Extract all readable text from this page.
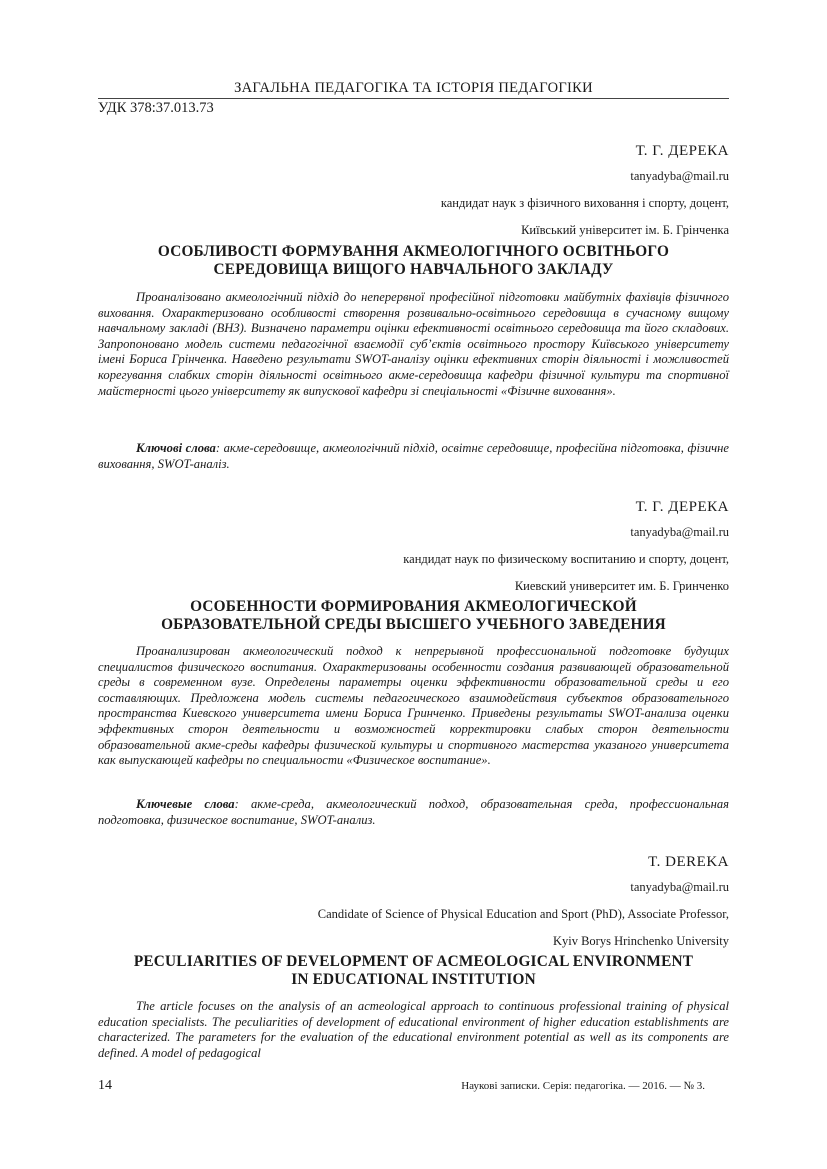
ЗАГАЛЬНА ПЕДАГОГІКА ТА ІСТОРІЯ ПЕДАГОГІКИ
УДК 378:37.013.73
Т. Г. ДЕРЕКА
tanyadyba@mail.ru
кандидат наук з фізичного виховання і спорту, доцент,
Київський університет ім. Б. Грінченка
ОСОБЛИВОСТІ ФОРМУВАННЯ АКМЕОЛОГІЧНОГО ОСВІТНЬОГО
СЕРЕДОВИЩА ВИЩОГО НАВЧАЛЬНОГО ЗАКЛАДУ

Проаналізовано акмеологічний підхід до неперервної професійної підготовки майбутніх фахівців фізичного виховання. Охарактеризовано особливості створення розвивально-освітнього середовища в сучасному вищому навчальному закладі (ВНЗ). Визначено параметри оцінки ефективності освітнього середовища та його складових. Запропоновано модель системи педагогічної взаємодії суб’єктів освітнього простору Київського університету імені Бориса Грінченка. Наведено результати SWOT-аналізу оцінки ефективних сторін діяльності і можливостей корегування слабких сторін діяльності освітнього акме-середовища кафедри фізичної культури та спортивної майстерності цього університету як випускової кафедри зі спеціальності «Фізичне виховання».

Ключові слова: акме-середовище, акмеологічний підхід, освітнє середовище, професійна підготовка, фізичне виховання, SWOT-аналіз.

Т. Г. ДЕРЕКА
tanyadyba@mail.ru
кандидат наук по физическому воспитанию и спорту, доцент,
Киевский университет им. Б. Гринченко
ОСОБЕННОСТИ ФОРМИРОВАНИЯ АКМЕОЛОГИЧЕСКОЙ
ОБРАЗОВАТЕЛЬНОЙ СРЕДЫ ВЫСШЕГО УЧЕБНОГО ЗАВЕДЕНИЯ

Проанализирован акмеологический подход к непрерывной профессиональной подготовке будущих специалистов физического воспитания. Охарактеризованы особенности создания развивающей образовательной среды в современном вузе. Определены параметры оценки эффективности образовательной среды и его составляющих. Предложена модель системы педагогического взаимодействия субъектов образовательного пространства Киевского университета имени Бориса Гринченко. Приведены результаты SWOT-анализа оценки эффективных сторон деятельности и возможностей корректировки слабых сторон деятельности образовательной акме-среды кафедры физической культуры и спортивного мастерства указаного университета как выпускающей кафедры по специальности «Физическое воспитание».

Ключевые слова: акме-среда, акмеологический подход, образовательная среда, профессиональная подготовка, физическое воспитание, SWOT-анализ.

T. DEREKA
tanyadyba@mail.ru
Candidate of Science of Physical Education and Sport (PhD), Associate Professor,
Kyiv Borys Hrinchenko University
PECULIARITIES OF DEVELOPMENT OF ACMEOLOGICAL ENVIRONMENT
IN EDUCATIONAL INSTITUTION

The article focuses on the analysis of an acmeological approach to continuous professional training of physical education specialists. The peculiarities of development of educational environment of higher education establishments are characterized. The parameters for the evaluation of the educational environment potential as well as its components are defined. A model of pedagogical

14	Наукові записки. Серія: педагогіка. — 2016. — № 3.
